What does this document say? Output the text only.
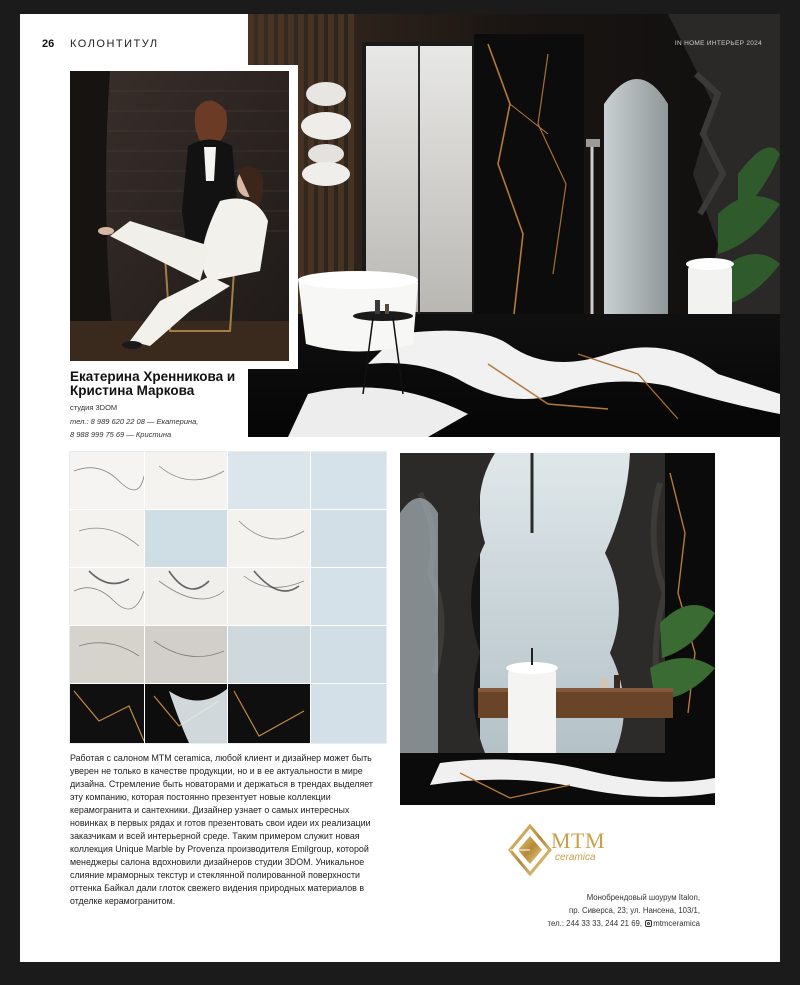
26 КОЛОНТИТУЛ	IN HOME ИНТЕРЬЕР 2024
Екатерина Хренникова и Кристина Маркова
студия 3DOM
тел.: 8 989 620 22 08 — Екатерина,
8 988 999 75 69 — Кристина

Работая с салоном MTM ceramica, любой клиент и дизайнер может быть уверен не только в качестве продукции, но и в ее актуальности в мире дизайна. Стремление быть новаторами и держаться в трендах выделяет эту компанию, которая постоянно презентует новые коллекции керамогранита и сантехники. Дизайнер узнает о самых интересных новинках в первых рядах и готов презентовать свои идеи их реализации заказчикам и всей интерьерной среде. Таким примером служит новая коллекция Unique Marble by Provenza производителя Emilgroup, которой менеджеры салона вдохновили дизайнеров студии 3DOM. Уникальное слияние мраморных текстур и стеклянной полированной поверхности оттенка Байкал дали глоток свежего видения природных материалов в отделке керамогранитом.

MTM
ceramica
Монобрендовый шоурум Italon,
пр. Сиверса, 23; ул. Нансена, 103/1,
тел.: 244 33 33, 244 21 69, mtmceramica
